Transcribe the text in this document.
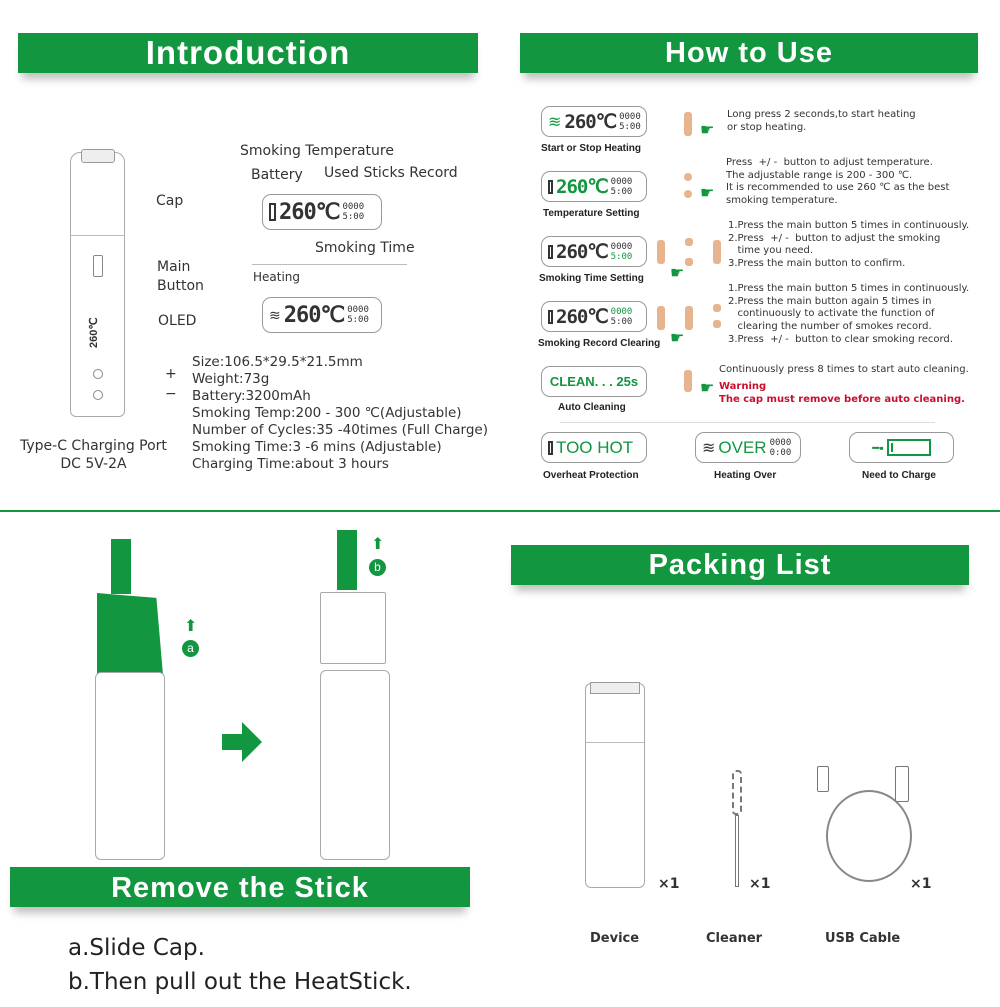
Introduction
260℃
Cap
Main
Button
OLED
+
−
Type-C Charging Port
DC 5V-2A
Smoking Temperature
Battery Used Sticks Record
260℃ 0000
5:00
Smoking Time
Heating
≋ 260℃ 0000
5:00
Size:106.5*29.5*21.5mm
Weight:73g
Battery:3200mAh
Smoking Temp:200 - 300 ℃(Adjustable)
Number of Cycles:35 -40times (Full Charge)
Smoking Time:3 -6 mins (Adjustable)
Charging Time:about 3 hours
How to Use
≋ 260℃ 0000
5:00
Start or Stop Heating
☛
Long press 2 seconds,to start heating
or stop heating.
260℃ 0000
5:00
Temperature Setting
☛
Press  +/ -  button to adjust temperature.
The adjustable range is 200 - 300 ℃.
It is recommended to use 260 ℃ as the best
smoking temperature.
260℃ 0000
5:00
Smoking Time Setting ☛
1.Press the main button 5 times in continuously.
2.Press  +/ -  button to adjust the smoking
time you need.
3.Press the main button to confirm.
260℃ 0000
5:00
Smoking Record Clearing ☛
1.Press the main button 5 times in continuously.
2.Press the main button again 5 times in
continuously to activate the function of
clearing the number of smokes record.
3.Press  +/ -  button to clear smoking record.
CLEAN. . . 25s
Auto Cleaning
☛
Continuously press 8 times to start auto cleaning.
Warning
The cap must remove before auto cleaning.
TOO HOT
Overheat Protection
≋ OVER 0000
0:00
Heating Over
━▪
Need to Charge
⬆
a
⬆
b
Remove the Stick
a.Slide Cap.
b.Then pull out the HeatStick.
Packing List
×1	×1	×1
Device	Cleaner	USB Cable
